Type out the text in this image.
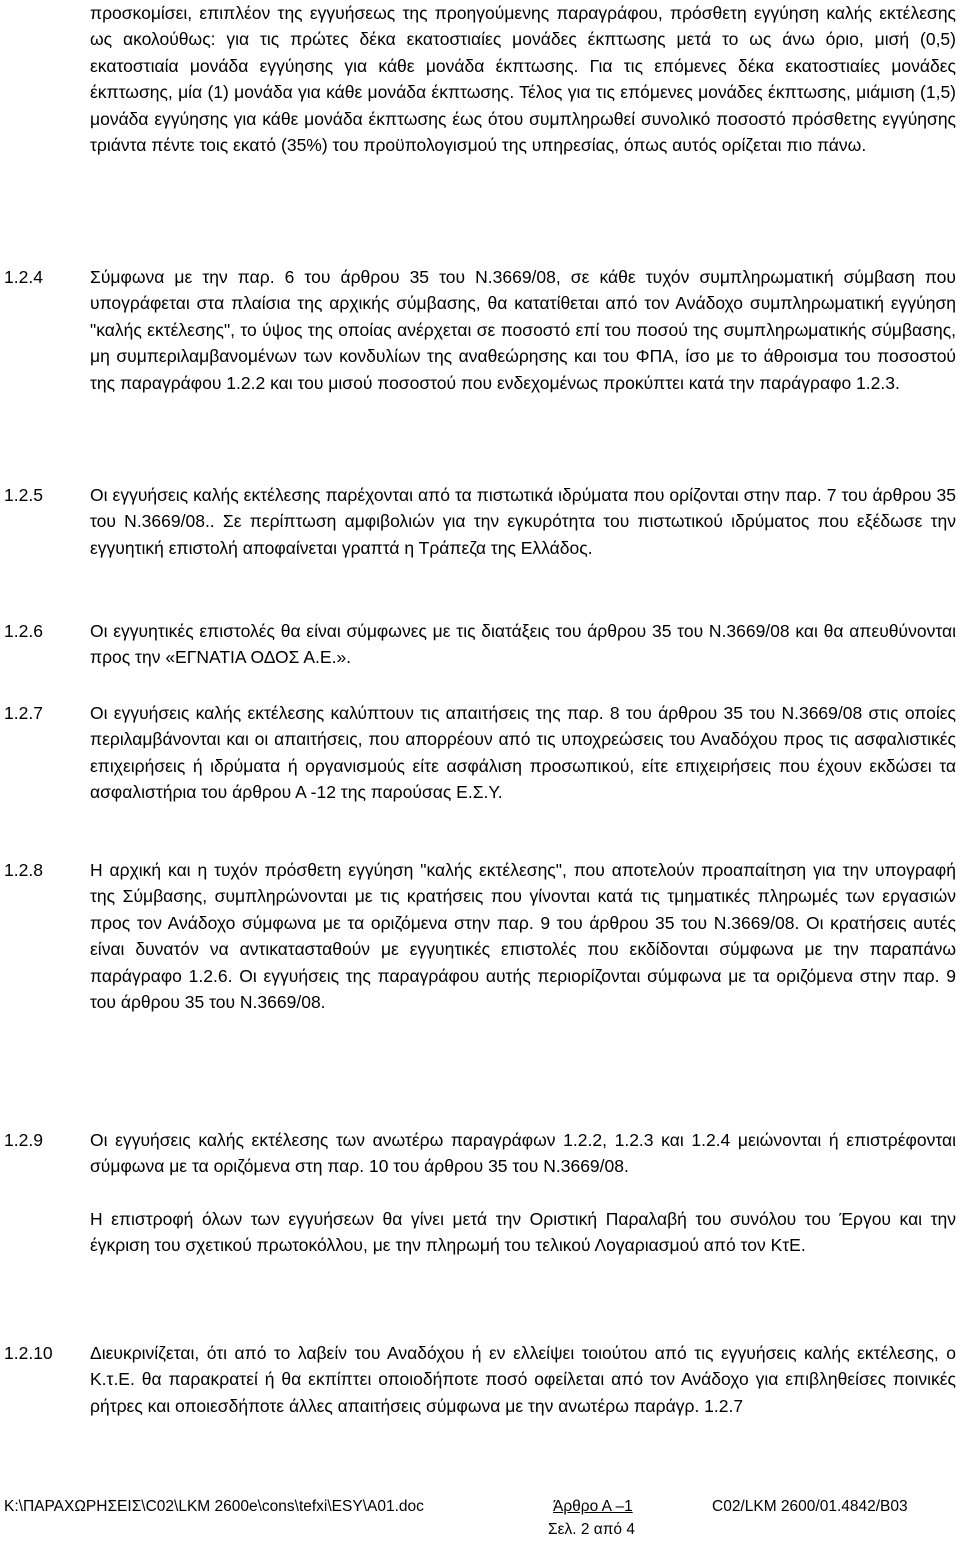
προσκομίσει, επιπλέον της εγγυήσεως της προηγούμενης παραγράφου, πρόσθετη εγγύηση καλής εκτέλεσης ως ακολούθως: για τις πρώτες δέκα εκατοστιαίες μονάδες έκπτωσης μετά το ως άνω όριο, μισή (0,5) εκατοστιαία μονάδα εγγύησης για κάθε μονάδα έκπτωσης. Για τις επόμενες δέκα εκατοστιαίες μονάδες έκπτωσης, μία (1) μονάδα για κάθε μονάδα έκπτωσης. Τέλος για τις επόμενες μονάδες έκπτωσης, μιάμιση (1,5) μονάδα εγγύησης για κάθε μονάδα έκπτωσης έως ότου συμπληρωθεί συνολικό ποσοστό πρόσθετης εγγύησης τριάντα πέντε τοις εκατό (35%) του προϋπολογισμού της υπηρεσίας, όπως αυτός ορίζεται πιο πάνω.

1.2.4	Σύμφωνα με την παρ. 6 του άρθρου 35 του Ν.3669/08, σε κάθε τυχόν συμπληρωματική σύμβαση που υπογράφεται στα πλαίσια της αρχικής σύμβασης, θα κατατίθεται από τον Ανάδοχο συμπληρωματική εγγύηση "καλής εκτέλεσης", το ύψος της οποίας ανέρχεται σε ποσοστό επί του ποσού της συμπληρωματικής σύμβασης, μη συμπεριλαμβανομένων των κονδυλίων της αναθεώρησης και του ΦΠΑ, ίσο με το άθροισμα του ποσοστού της παραγράφου 1.2.2 και του μισού ποσοστού που ενδεχομένως προκύπτει κατά την παράγραφο 1.2.3.

1.2.5	Οι εγγυήσεις καλής εκτέλεσης παρέχονται από τα πιστωτικά ιδρύματα που ορίζονται στην παρ. 7 του άρθρου 35 του Ν.3669/08.. Σε περίπτωση αμφιβολιών για την εγκυρότητα του πιστωτικού ιδρύματος που εξέδωσε την εγγυητική επιστολή αποφαίνεται γραπτά η Τράπεζα της Ελλάδος.

1.2.6	Οι εγγυητικές επιστολές θα είναι σύμφωνες με τις διατάξεις του άρθρου 35 του Ν.3669/08 και θα απευθύνονται προς την «ΕΓΝΑΤΙΑ ΟΔΟΣ Α.Ε.».

1.2.7	Οι εγγυήσεις καλής εκτέλεσης καλύπτουν τις απαιτήσεις της παρ. 8 του άρθρου 35 του Ν.3669/08 στις οποίες περιλαμβάνονται και οι απαιτήσεις, που απορρέουν από τις υποχρεώσεις του Αναδόχου προς τις ασφαλιστικές επιχειρήσεις ή ιδρύματα ή οργανισμούς είτε ασφάλιση προσωπικού, είτε επιχειρήσεις που έχουν εκδώσει τα ασφαλιστήρια του άρθρου Α -12 της παρούσας Ε.Σ.Υ.

1.2.8	Η αρχική και η τυχόν πρόσθετη εγγύηση "καλής εκτέλεσης", που αποτελούν προαπαίτηση για την υπογραφή της Σύμβασης, συμπληρώνονται με τις κρατήσεις που γίνονται κατά τις τμηματικές πληρωμές των εργασιών προς τον Ανάδοχο σύμφωνα με τα οριζόμενα στην παρ. 9 του άρθρου 35 του Ν.3669/08. Οι κρατήσεις αυτές είναι δυνατόν να αντικατασταθούν με εγγυητικές επιστολές που εκδίδονται σύμφωνα με την παραπάνω παράγραφο 1.2.6. Οι εγγυήσεις της παραγράφου αυτής περιορίζονται σύμφωνα με τα οριζόμενα στην παρ. 9 του άρθρου 35 του Ν.3669/08.

1.2.9	Οι εγγυήσεις καλής εκτέλεσης των ανωτέρω παραγράφων 1.2.2, 1.2.3 και 1.2.4 μειώνονται ή επιστρέφονται σύμφωνα με τα οριζόμενα στη παρ. 10 του άρθρου 35 του Ν.3669/08.

Η επιστροφή όλων των εγγυήσεων θα γίνει μετά την Οριστική Παραλαβή του συνόλου του Έργου και την έγκριση του σχετικού πρωτοκόλλου, με την πληρωμή του τελικού Λογαριασμού από τον ΚτΕ.

1.2.10 Διευκρινίζεται, ότι από το λαβείν του Αναδόχου ή εν ελλείψει τοιούτου από τις εγγυήσεις καλής εκτέλεσης, ο Κ.τ.Ε. θα παρακρατεί ή θα εκπίπτει οποιοδήποτε ποσό οφείλεται από τον Ανάδοχο για επιβληθείσες ποινικές ρήτρες και οποιεσδήποτε άλλες απαιτήσεις σύμφωνα με την ανωτέρω παράγρ. 1.2.7

K:\ΠΑΡΑΧΩΡΗΣΕΙΣ\C02\LKM 2600e\cons\tefxi\ESY\A01.doc	Άρθρο Α –1	C02/LKM 2600/01.4842/B03
Σελ. 2 από 4
